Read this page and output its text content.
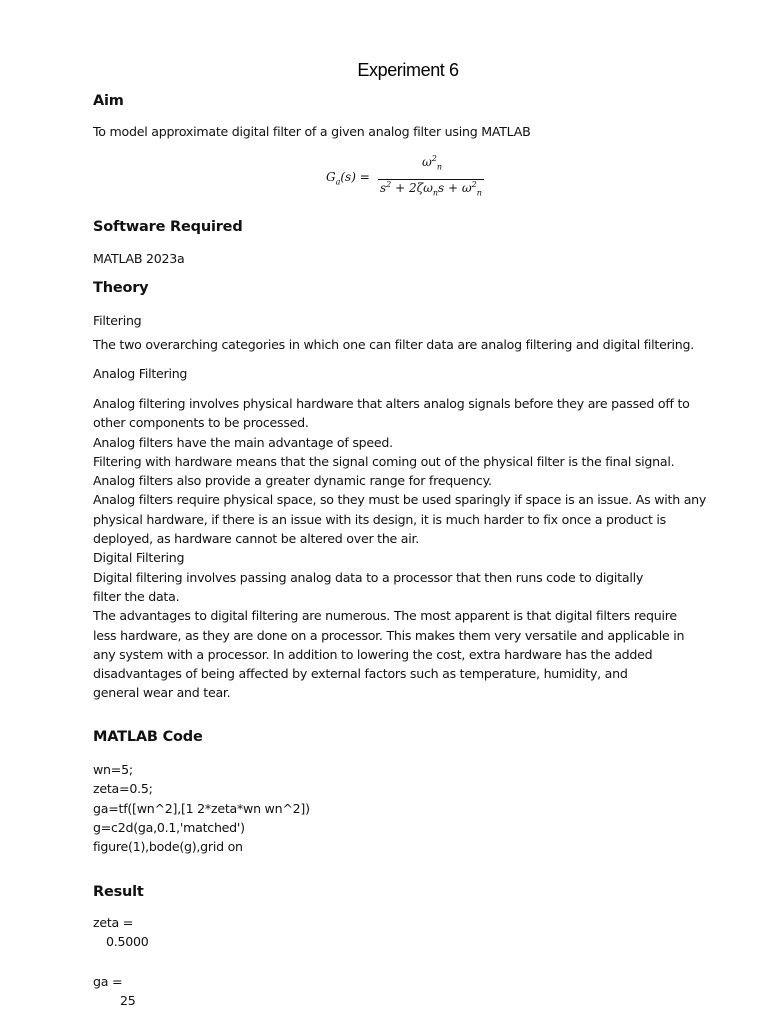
Experiment 6
Aim
To model approximate digital filter of a given analog filter using MATLAB
$G_a(s)$ =
$\omega^2_n$
$s^2 + 2\zeta\omega_ns + \omega^2_n$
Software Required
MATLAB 2023a
Theory
Filtering
The two overarching categories in which one can filter data are analog filtering and digital filtering.
Analog Filtering
Analog filtering involves physical hardware that alters analog signals before they are passed off to
other components to be processed.
Analog filters have the main advantage of speed.
Filtering with hardware means that the signal coming out of the physical filter is the final signal.
Analog filters also provide a greater dynamic range for frequency.
Analog filters require physical space, so they must be used sparingly if space is an issue. As with any
physical hardware, if there is an issue with its design, it is much harder to fix once a product is
deployed, as hardware cannot be altered over the air.
Digital Filtering
Digital filtering involves passing analog data to a processor that then runs code to digitally
filter the data.
The advantages to digital filtering are numerous. The most apparent is that digital filters require
less hardware, as they are done on a processor. This makes them very versatile and applicable in
any system with a processor. In addition to lowering the cost, extra hardware has the added
disadvantages of being affected by external factors such as temperature, humidity, and
general wear and tear.
MATLAB Code
wn=5;
zeta=0.5;
ga=tf([wn^2],[1 2*zeta*wn wn^2])
g=c2d(ga,0.1,'matched')
figure(1),bode(g),grid on
Result
zeta =
0.5000
ga =
25
